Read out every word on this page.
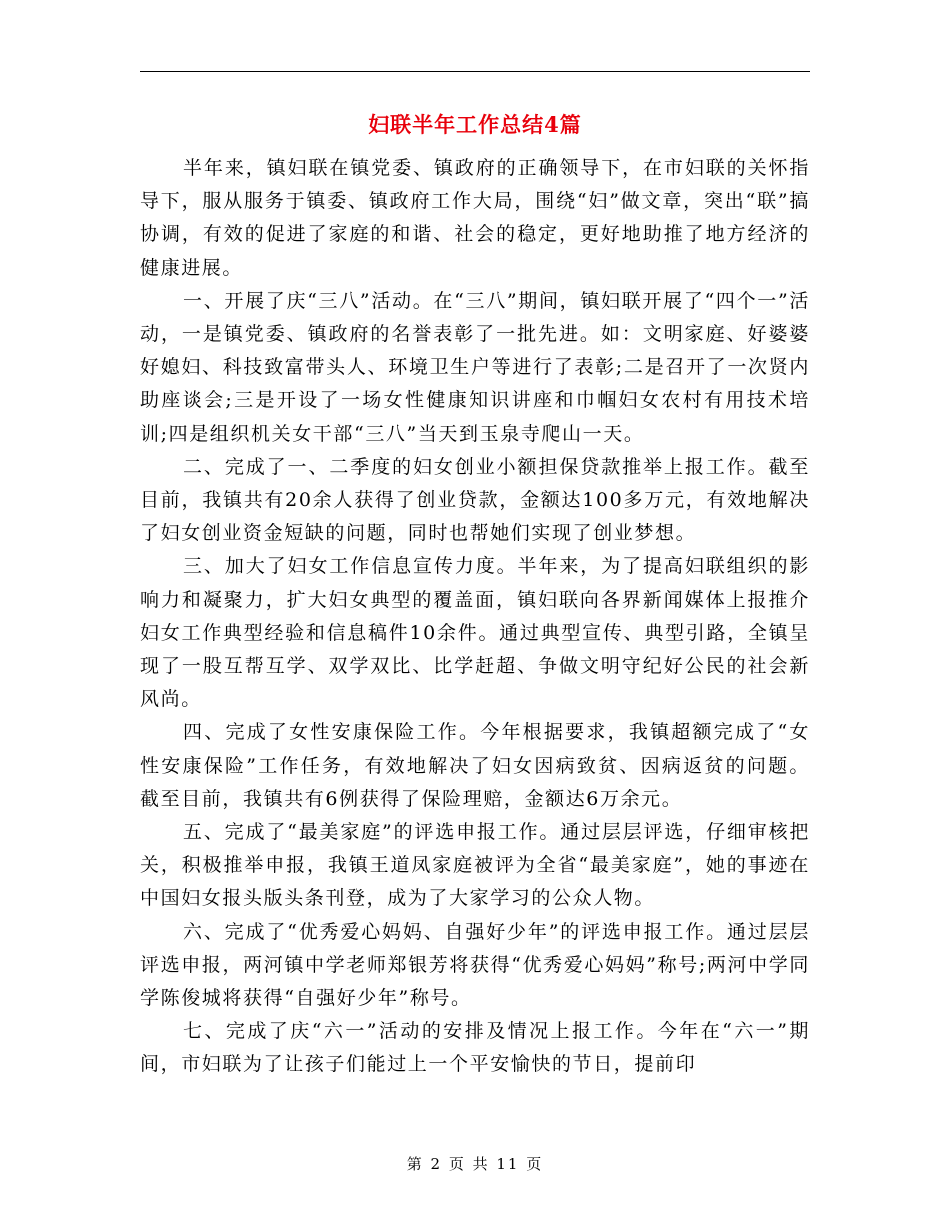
妇联半年工作总结4篇

半年来，镇妇联在镇党委、镇政府的正确领导下，在市妇联的关怀指导下，服从服务于镇委、镇政府工作大局，围绕“妇”做文章，突出“联”搞协调，有效的促进了家庭的和谐、社会的稳定，更好地助推了地方经济的健康进展。

一、开展了庆“三八”活动。在“三八”期间，镇妇联开展了“四个一”活动，一是镇党委、镇政府的名誉表彰了一批先进。如：文明家庭、好婆婆好媳妇、科技致富带头人、环境卫生户等进行了表彰;二是召开了一次贤内助座谈会;三是开设了一场女性健康知识讲座和巾帼妇女农村有用技术培训;四是组织机关女干部“三八”当天到玉泉寺爬山一天。

二、完成了一、二季度的妇女创业小额担保贷款推举上报工作。截至目前，我镇共有20余人获得了创业贷款，金额达100多万元，有效地解决了妇女创业资金短缺的问题，同时也帮她们实现了创业梦想。

三、加大了妇女工作信息宣传力度。半年来，为了提高妇联组织的影响力和凝聚力，扩大妇女典型的覆盖面，镇妇联向各界新闻媒体上报推介妇女工作典型经验和信息稿件10余件。通过典型宣传、典型引路，全镇呈现了一股互帮互学、双学双比、比学赶超、争做文明守纪好公民的社会新风尚。

四、完成了女性安康保险工作。今年根据要求，我镇超额完成了“女性安康保险”工作任务，有效地解决了妇女因病致贫、因病返贫的问题。截至目前，我镇共有6例获得了保险理赔，金额达6万余元。

五、完成了“最美家庭”的评选申报工作。通过层层评选，仔细审核把关，积极推举申报，我镇王道凤家庭被评为全省“最美家庭”，她的事迹在中国妇女报头版头条刊登，成为了大家学习的公众人物。

六、完成了“优秀爱心妈妈、自强好少年”的评选申报工作。通过层层评选申报，两河镇中学老师郑银芳将获得“优秀爱心妈妈”称号;两河中学同学陈俊城将获得“自强好少年”称号。

七、完成了庆“六一”活动的安排及情况上报工作。今年在“六一”期间，市妇联为了让孩子们能过上一个平安愉快的节日，提前印

第 2 页 共 11 页
